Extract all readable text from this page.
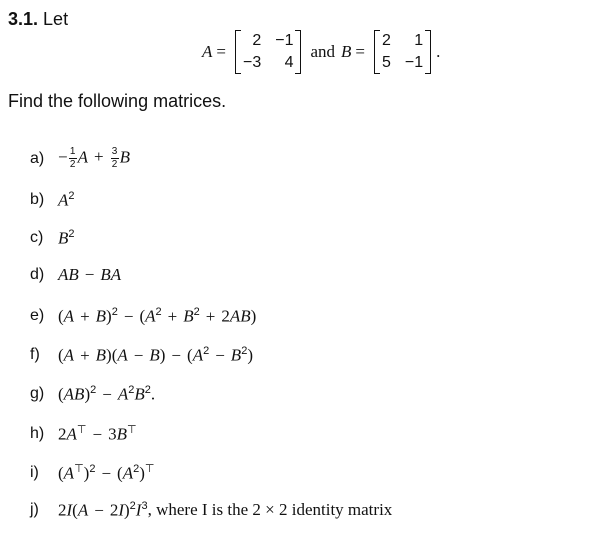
3.1. Let
A =
2 −1
−3	4
and B =
2	1
5 −1
.
Find the following matrices.
$a) - \frac{1}{2}$ $A + \frac{3}{2}$ B
b) $A^2$
c) $B^2$
d) AB − BA
e) $(A + B)^2 - (A^2 + B^2 + 2AB)$
f)	$(A + B)(A - B) - (A^2 - B^2)$
g) $(AB)^2 - A^2B^2$.
h) 2A⊤ − 3B⊤
i)	$(A^⊤)^2 - (A^2)^⊤$
j)	$2I(A - 2I)^2I^3$ , where I is the 2 × 2 identity matrix
